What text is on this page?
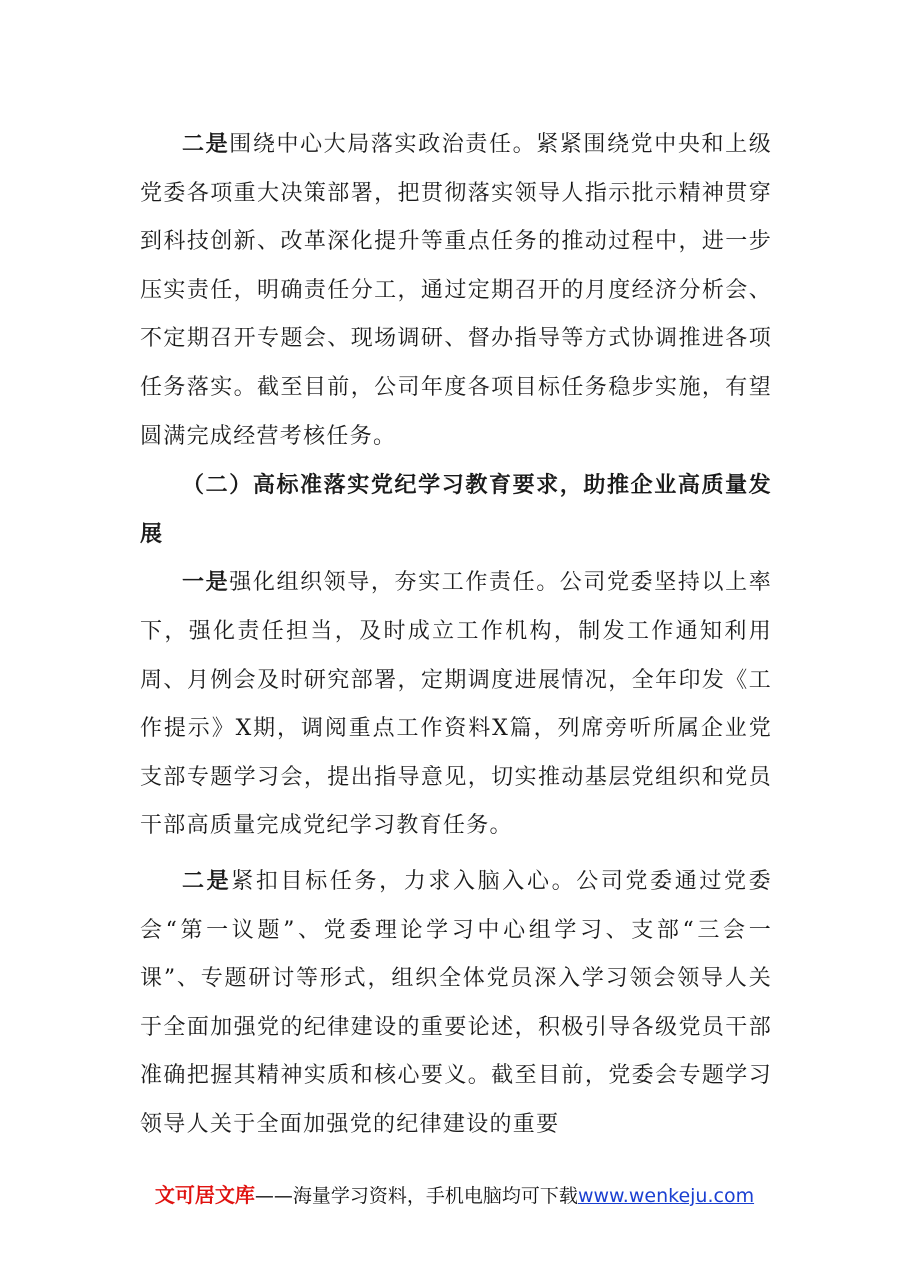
二是围绕中心大局落实政治责任。紧紧围绕党中央和上级党委各项重大决策部署，把贯彻落实领导人指示批示精神贯穿到科技创新、改革深化提升等重点任务的推动过程中，进一步压实责任，明确责任分工，通过定期召开的月度经济分析会、不定期召开专题会、现场调研、督办指导等方式协调推进各项任务落实。截至目前，公司年度各项目标任务稳步实施，有望圆满完成经营考核任务。

（二）高标准落实党纪学习教育要求，助推企业高质量发展

一是强化组织领导，夯实工作责任。公司党委坚持以上率下，强化责任担当，及时成立工作机构，制发工作通知利用周、月例会及时研究部署，定期调度进展情况，全年印发《工作提示》X期，调阅重点工作资料X篇，列席旁听所属企业党支部专题学习会，提出指导意见，切实推动基层党组织和党员干部高质量完成党纪学习教育任务。

二是紧扣目标任务，力求入脑入心。公司党委通过党委会“第一议题”、党委理论学习中心组学习、支部“三会一课”、专题研讨等形式，组织全体党员深入学习领会领导人关于全面加强党的纪律建设的重要论述，积极引导各级党员干部准确把握其精神实质和核心要义。截至目前，党委会专题学习领导人关于全面加强党的纪律建设的重要

文可居文库——海量学习资料，手机电脑均可下载www.wenkeju.com
